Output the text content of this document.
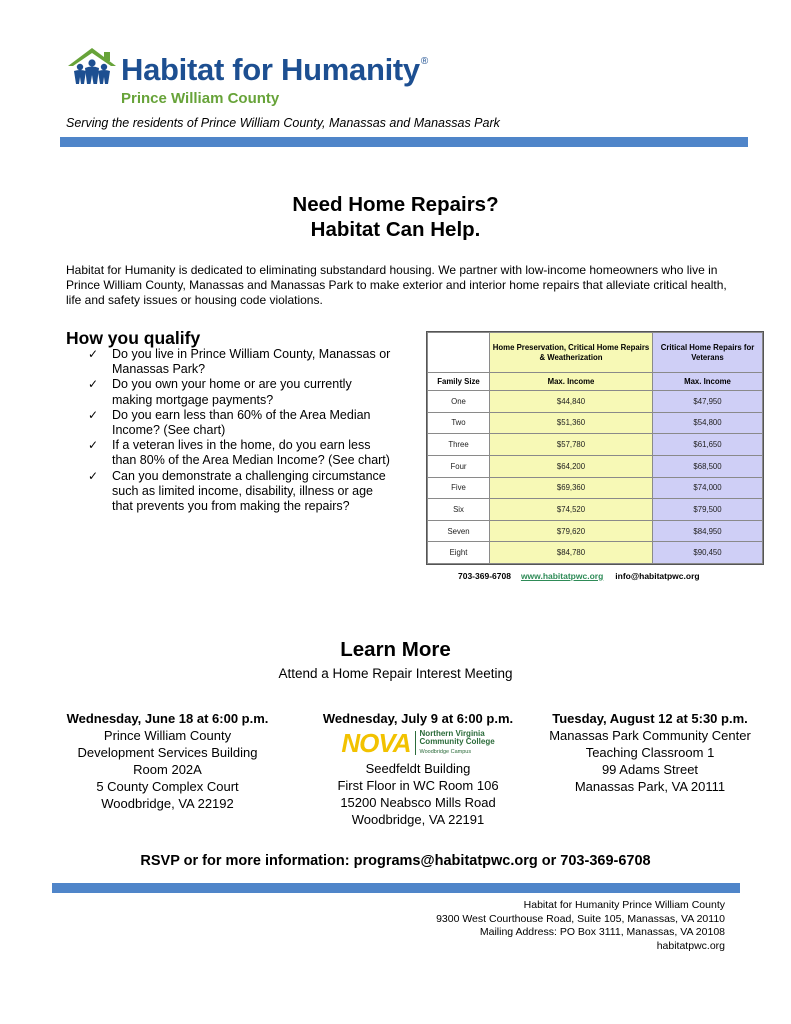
Habitat for Humanity®
Prince William County
Serving the residents of Prince William County, Manassas and Manassas Park
Need Home Repairs?
Habitat Can Help.
Habitat for Humanity is dedicated to eliminating substandard housing. We partner with low-income homeowners who live in Prince William County, Manassas and Manassas Park to make exterior and interior home repairs that alleviate critical health, life and safety issues or housing code violations.
How you qualify
✓ Do you live in Prince William County, Manassas or Manassas Park?
✓ Do you own your home or are you currently making mortgage payments?
✓ Do you earn less than 60% of the Area Median Income? (See chart)
✓ If a veteran lives in the home, do you earn less than 80% of the Area Median Income? (See chart)
✓ Can you demonstrate a challenging circumstance such as limited income, disability, illness or age that prevents you from making the repairs?
	Home Preservation, Critical Home Repairs & Weatherization	Critical Home Repairs for Veterans
Family Size	Max. Income	Max. Income
One	$44,840	$47,950
Two	$51,360	$54,800
Three	$57,780	$61,650
Four	$64,200	$68,500
Five	$69,360	$74,000
Six	$74,520	$79,500
Seven	$79,620	$84,950
Eight	$84,780	$90,450
703-369-6708 www.habitatpwc.org info@habitatpwc.org
Learn More
Attend a Home Repair Interest Meeting
Wednesday, June 18 at 6:00 p.m.
Prince William County
Development Services Building
Room 202A
5 County Complex Court
Woodbridge, VA 22192
Wednesday, July 9 at 6:00 p.m.
NOVA Northern Virginia
Community College
Woodbridge Campus
Seedfeldt Building
First Floor in WC Room 106
15200 Neabsco Mills Road
Woodbridge, VA 22191
Tuesday, August 12 at 5:30 p.m.
Manassas Park Community Center
Teaching Classroom 1
99 Adams Street
Manassas Park, VA 20111
RSVP or for more information: programs@habitatpwc.org or 703-369-6708
Habitat for Humanity Prince William County
9300 West Courthouse Road, Suite 105, Manassas, VA 20110
Mailing Address: PO Box 3111, Manassas, VA 20108
habitatpwc.org
